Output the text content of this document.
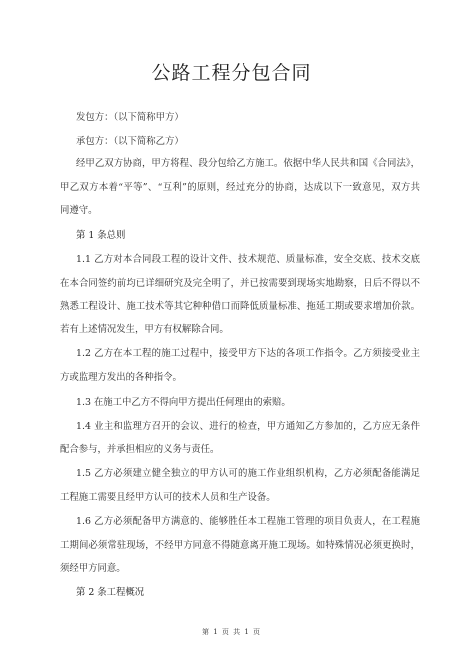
公路工程分包合同
发包方：（以下简称甲方）
承包方：（以下简称乙方）
经甲乙双方协商，甲方将程、段分包给乙方施工。依据中华人民共和国《合同法》，
甲乙双方本着“平等”、“互利”的原则，经过充分的协商，达成以下一致意见，双方共
同遵守。
第 1 条总则
1.1 乙方对本合同段工程的设计文件、技术规范、质量标准，安全交底、技术交底
在本合同签约前均已详细研究及完全明了，并已按需要到现场实地勘察，日后不得以不
熟悉工程设计、施工技术等其它种种借口而降低质量标准、拖延工期或要求增加价款。
若有上述情况发生，甲方有权解除合同。
1.2 乙方在本工程的施工过程中，接受甲方下达的各项工作指令。乙方须接受业主
方或监理方发出的各种指令。
1.3 在施工中乙方不得向甲方提出任何理由的索赔。
1.4 业主和监理方召开的会议、进行的检查，甲方通知乙方参加的，乙方应无条件
配合参与，并承担相应的义务与责任。
1.5 乙方必须建立健全独立的甲方认可的施工作业组织机构，乙方必须配备能满足
工程施工需要且经甲方认可的技术人员和生产设备。
1.6 乙方必须配备甲方满意的、能够胜任本工程施工管理的项目负责人，在工程施
工期间必须常驻现场，不经甲方同意不得随意离开施工现场。如特殊情况必须更换时，
须经甲方同意。
第 2 条工程概况
第 1 页 共 1 页
